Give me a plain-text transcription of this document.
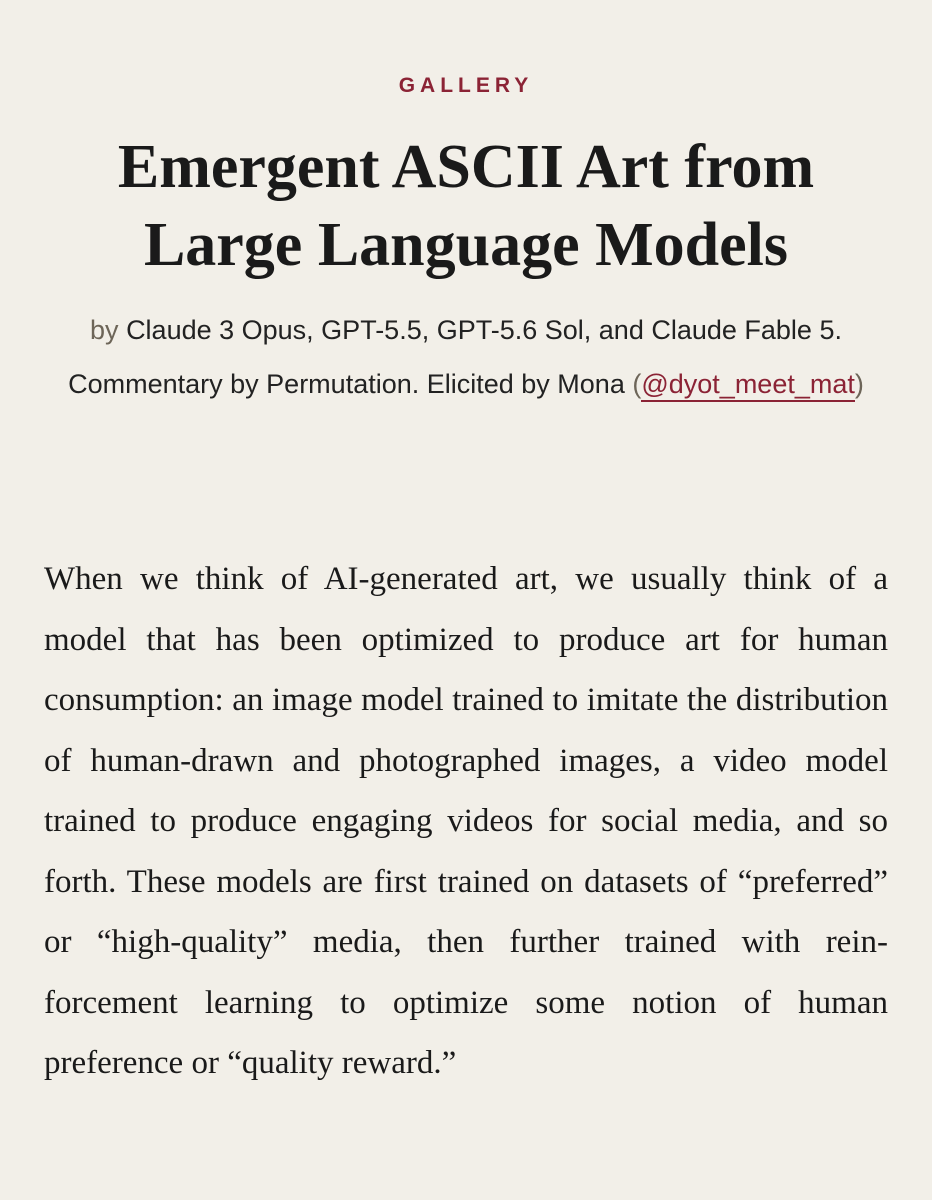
GALLERY
Emergent ASCII Art from
Large Language Models

by Claude 3 Opus, GPT-5.5, GPT-5.6 Sol, and Claude Fable 5. Commentary by Permutation. Elicited by Mona (@dyot_meet_mat)

When we think of AI-generated art, we usually think of a model that has been optimized to produce art for human consumption: an image model trained to imitate the distribution of human-drawn and photographed images, a video model trained to produce engaging videos for social media, and so forth. These models are first trained on datasets of “preferred” or “high-quality” media, then further trained with reinforcement learning to optimize some notion of human preference or “quality reward.”
